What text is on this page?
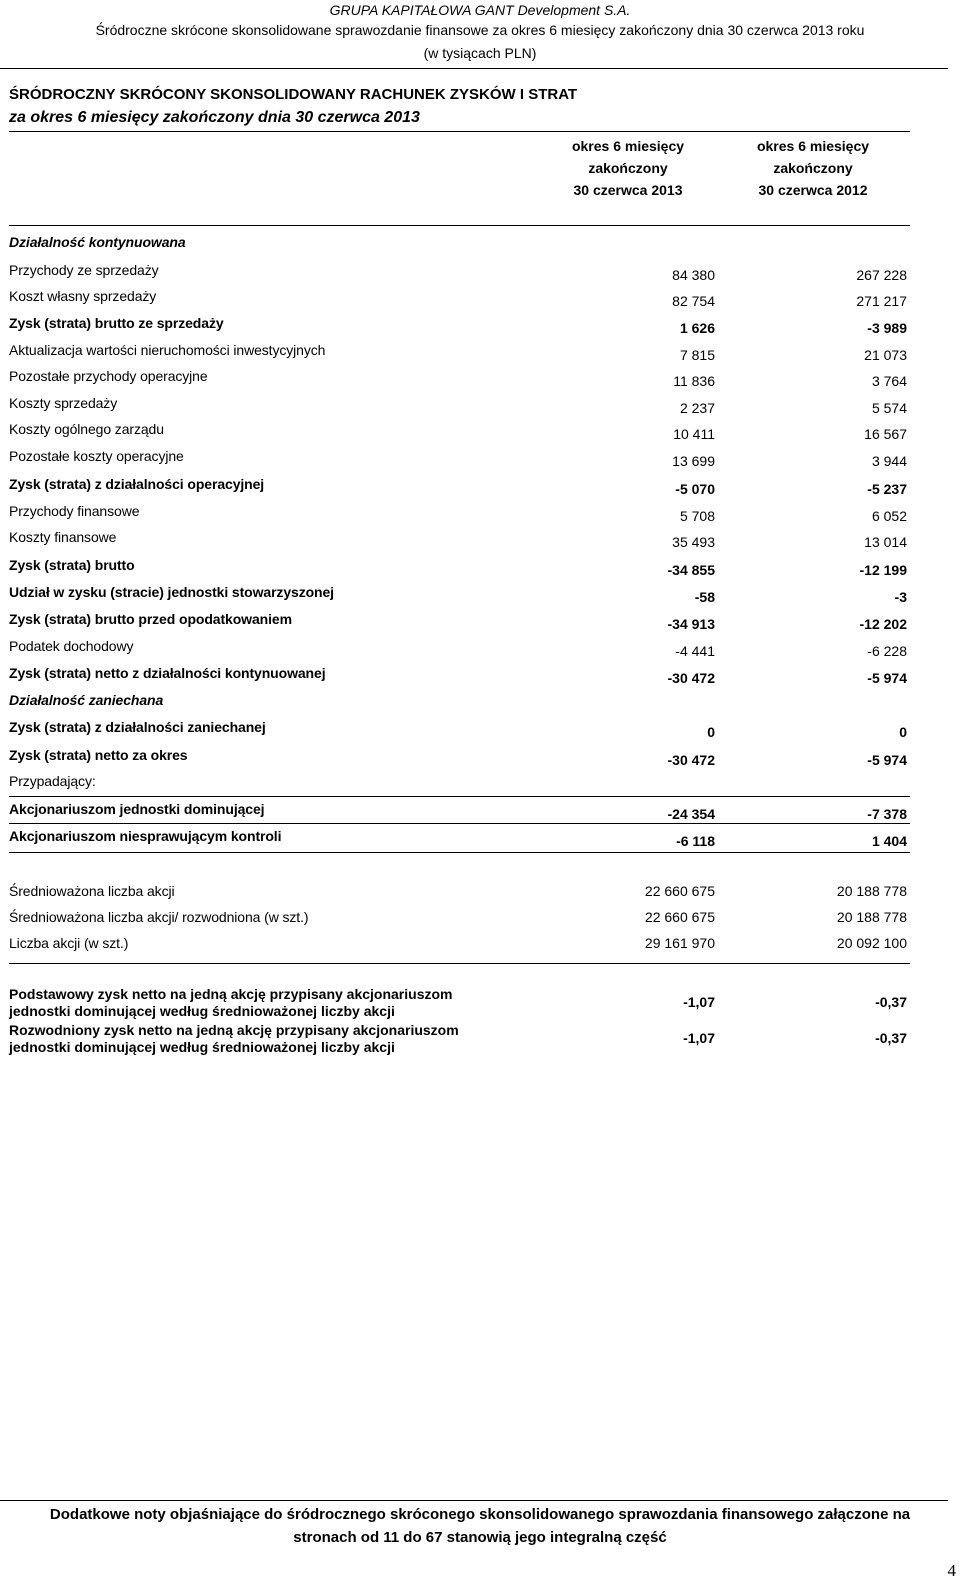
GRUPA KAPITAŁOWA GANT Development S.A.
Śródroczne skrócone skonsolidowane sprawozdanie finansowe za okres 6 miesięcy zakończony dnia 30 czerwca 2013 roku
(w tysiącach PLN)
ŚRÓDROCZNY SKRÓCONY SKONSOLIDOWANY RACHUNEK ZYSKÓW I STRAT
za okres 6 miesięcy zakończony dnia 30 czerwca 2013
okres 6 miesięcy
zakończony
30 czerwca 2013
okres 6 miesięcy
zakończony
30 czerwca 2012
Działalność kontynuowana
Przychody ze sprzedaży	84 380	267 228
Koszt własny sprzedaży	82 754	271 217
Zysk (strata) brutto ze sprzedaży	1 626	-3 989
Aktualizacja wartości nieruchomości inwestycyjnych	7 815	21 073
Pozostałe przychody operacyjne	11 836	3 764
Koszty sprzedaży	2 237	5 574
Koszty ogólnego zarządu	10 411	16 567
Pozostałe koszty operacyjne	13 699	3 944
Zysk (strata) z działalności operacyjnej	-5 070	-5 237
Przychody finansowe	5 708	6 052
Koszty finansowe	35 493	13 014
Zysk (strata) brutto	-34 855	-12 199
Udział w zysku (stracie) jednostki stowarzyszonej	-58	-3
Zysk (strata) brutto przed opodatkowaniem	-34 913	-12 202
Podatek dochodowy	-4 441	-6 228
Zysk (strata) netto z działalności kontynuowanej	-30 472	-5 974
Działalność zaniechana
Zysk (strata) z działalności zaniechanej	0	0
Zysk (strata) netto za okres	-30 472	-5 974
Przypadający:
Akcjonariuszom jednostki dominującej	-24 354	-7 378
Akcjonariuszom niesprawującym kontroli	-6 118	1 404
Średnioważona liczba akcji	22 660 675	20 188 778
Średnioważona liczba akcji/ rozwodniona (w szt.)	22 660 675	20 188 778
Liczba akcji (w szt.)	29 161 970	20 092 100
Podstawowy zysk netto na jedną akcję przypisany akcjonariuszom jednostki dominującej według średnioważonej liczby akcji
-1,07	-0,37
Rozwodniony zysk netto na jedną akcję przypisany akcjonariuszom jednostki dominującej według średnioważonej liczby akcji
-1,07	-0,37
Dodatkowe noty objaśniające do śródrocznego skróconego skonsolidowanego sprawozdania finansowego załączone na
stronach od 11 do 67 stanowią jego integralną część
4
